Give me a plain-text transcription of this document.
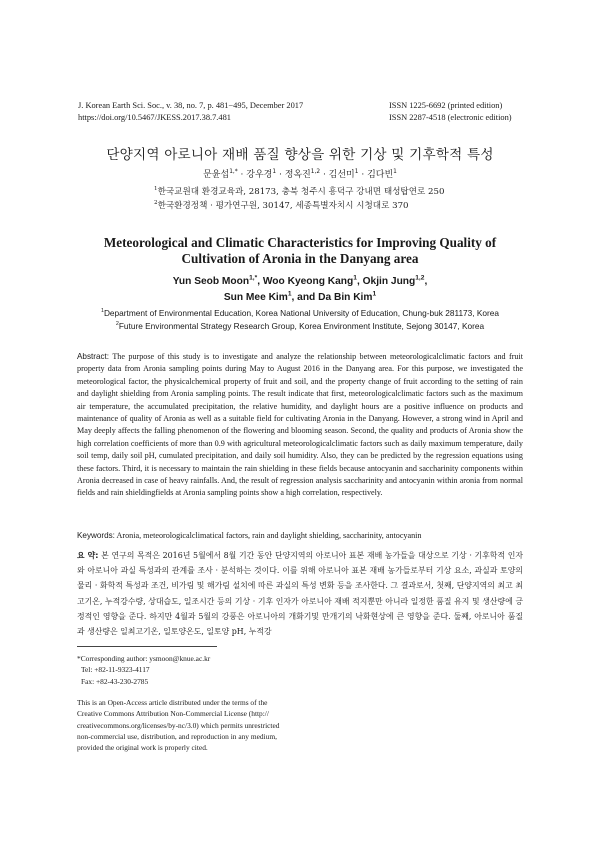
J. Korean Earth Sci. Soc., v. 38, no. 7, p. 481−495, December 2017
https://doi.org/10.5467/JKESS.2017.38.7.481
ISSN 1225-6692 (printed edition)
ISSN 2287-4518 (electronic edition)
단양지역 아로니아 재배 품질 향상을 위한 기상 및 기후학적 특성
문윤섭$^{1,*}$ · 강우경$^1$ · 정옥진$^{1,2}$ · 김선미$^1$ · 김다빈$^1$
$^1$한국교원대 환경교육과, 28173, 충북 청주시 흥덕구 강내면 태성탑연로 250
$^2$한국환경정책 · 평가연구원, 30147, 세종특별자치시 시청대로 370
Meteorological and Climatic Characteristics for Improving Quality of
Cultivation of Aronia in the Danyang area
Yun Seob Moon$^{1,*}$, Woo Kyeong Kang$^1$, Okjin Jung$^{1,2}$,
Sun Mee Kim$^1$, and Da Bin Kim$^1$
$^1$Department of Environmental Education, Korea National University of Education, Chung-buk 281173, Korea
$^2$Future Environmental Strategy Research Group, Korea Environment Institute, Sejong 30147, Korea
Abstract: The purpose of this study is to investigate and analyze the relationship between meteorologicalclimatic factors and fruit property data from Aronia sampling points during May to August 2016 in the Danyang area. For this purpose, we investigated the meteorological factor, the physicalchemical property of fruit and soil, and the property change of fruit according to the setting of rain and daylight shielding from Aronia sampling points. The result indicate that first, meteorologicalclimatic factors such as the maximum air temperature, the accumulated precipitation, the relative humidity, and daylight hours are a positive influence on products and maintenance of quality of Aronia as well as a suitable field for cultivating Aronia in the Danyang. However, a strong wind in April and May deeply affects the falling phenomenon of the flowering and blooming season. Second, the quality and products of Aronia show the high correlation coefficients of more than 0.9 with agricultural meteorologicalclimatic factors such as daily maximum temperature, daily soil temp, daily soil pH, cumulated precipitation, and daily soil humidity. Also, they can be predicted by the regression equations using these factors. Third, it is necessary to maintain the rain shielding in these fields because antocyanin and saccharinity components within Aronia decreased in case of heavy rainfalls. And, the result of regression analysis saccharinity and antocyanin within aronia from normal fields and rain shieldingfields at Aronia sampling points show a high correlation, respectively.
Keywords: Aronia, meteorologicalclimatical factors, rain and daylight shielding, saccharinity, antocyanin
요 약: 본 연구의 목적은 2016년 5월에서 8월 기간 동안 단양지역의 아로니아 표본 재배 농가들을 대상으로 기상 · 기후학적 인자와 아로니아 과실 특성과의 관계를 조사 · 분석하는 것이다. 이를 위해 아로니아 표본 재배 농가들로부터 기상 요소, 과실과 토양의 물리 · 화학적 특성과 조건, 비가림 및 해가림 설치에 따른 과실의 특성 변화 등을 조사한다. 그 결과로서, 첫째, 단양지역의 최고 최고기온, 누적강수량, 상대습도, 일조시간 등의 기상 · 기후 인자가 아로니아 재배 적지뿐만 아니라 일정한 품질 유지 및 생산량에 긍정적인 영향을 준다. 하지만 4월과 5월의 강풍은 아로니아의 개화기및 만개기의 낙화현상에 큰 영향을 준다. 둘째, 아로니아 품질과 생산량은 일최고기온, 일토양온도, 일토양 pH, 누적강
*Corresponding author: ysmoon@knue.ac.kr
Tel: +82-11-9323-4117
Fax: +82-43-230-2785
This is an Open-Access article distributed under the terms of the
Creative Commons Attribution Non-Commercial License (http://
creativecommons.org/licenses/by-nc/3.0) which permits unrestricted
non-commercial use, distribution, and reproduction in any medium,
provided the original work is properly cited.
